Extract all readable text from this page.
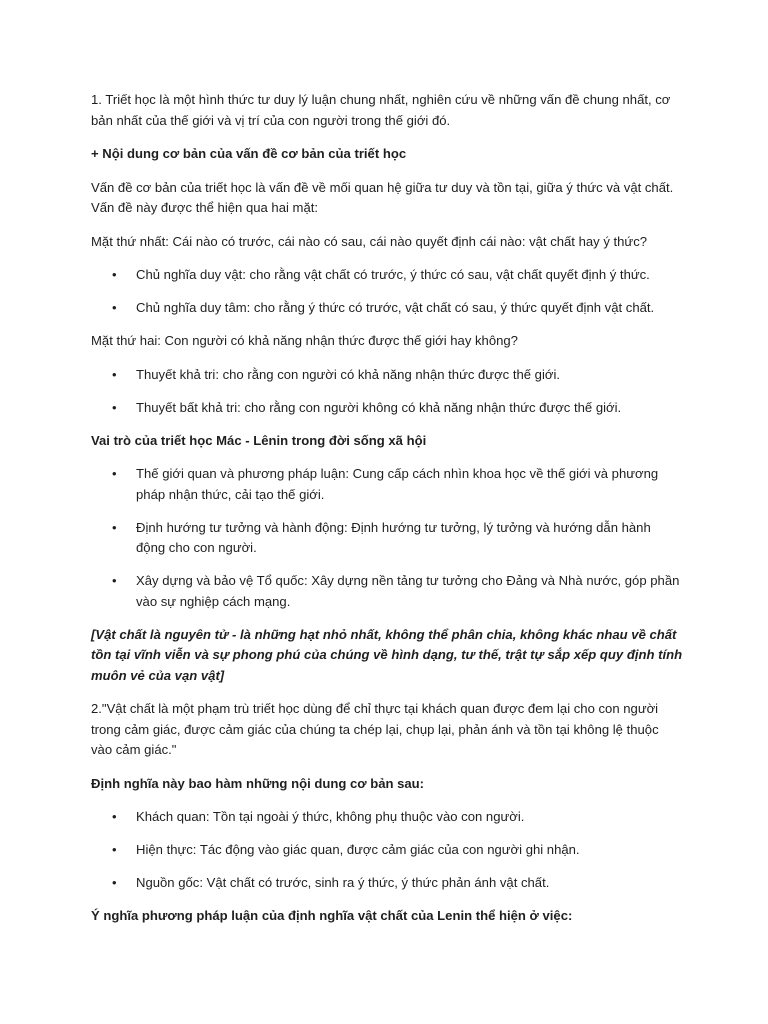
1. Triết học là một hình thức tư duy lý luận chung nhất, nghiên cứu về những vấn đề chung nhất, cơ bản nhất của thế giới và vị trí của con người trong thế giới đó.

+ Nội dung cơ bản của vấn đề cơ bản của triết học

Vấn đề cơ bản của triết học là vấn đề về mối quan hệ giữa tư duy và tồn tại, giữa ý thức và vật chất. Vấn đề này được thể hiện qua hai mặt:

Mặt thứ nhất: Cái nào có trước, cái nào có sau, cái nào quyết định cái nào: vật chất hay ý thức?

• Chủ nghĩa duy vật: cho rằng vật chất có trước, ý thức có sau, vật chất quyết định ý thức.
• Chủ nghĩa duy tâm: cho rằng ý thức có trước, vật chất có sau, ý thức quyết định vật chất.

Mặt thứ hai: Con người có khả năng nhận thức được thế giới hay không?

• Thuyết khả tri: cho rằng con người có khả năng nhận thức được thế giới.
• Thuyết bất khả tri: cho rằng con người không có khả năng nhận thức được thế giới.

Vai trò của triết học Mác - Lênin trong đời sống xã hội

• Thế giới quan và phương pháp luận: Cung cấp cách nhìn khoa học về thế giới và phương pháp nhận thức, cải tạo thế giới.
• Định hướng tư tưởng và hành động: Định hướng tư tưởng, lý tưởng và hướng dẫn hành động cho con người.
• Xây dựng và bảo vệ Tổ quốc: Xây dựng nền tảng tư tưởng cho Đảng và Nhà nước, góp phần vào sự nghiệp cách mạng.

[Vật chất là nguyên tử - là những hạt nhỏ nhất, không thể phân chia, không khác nhau về chất tồn tại vĩnh viễn và sự phong phú của chúng về hình dạng, tư thế, trật tự sắp xếp quy định tính muôn vẻ của vạn vật]

2."Vật chất là một phạm trù triết học dùng để chỉ thực tại khách quan được đem lại cho con người trong cảm giác, được cảm giác của chúng ta chép lại, chụp lại, phản ánh và tồn tại không lệ thuộc vào cảm giác."

Định nghĩa này bao hàm những nội dung cơ bản sau:

• Khách quan: Tồn tại ngoài ý thức, không phụ thuộc vào con người.
• Hiện thực: Tác động vào giác quan, được cảm giác của con người ghi nhận.
• Nguồn gốc: Vật chất có trước, sinh ra ý thức, ý thức phản ánh vật chất.

Ý nghĩa phương pháp luận của định nghĩa vật chất của Lenin thể hiện ở việc:
